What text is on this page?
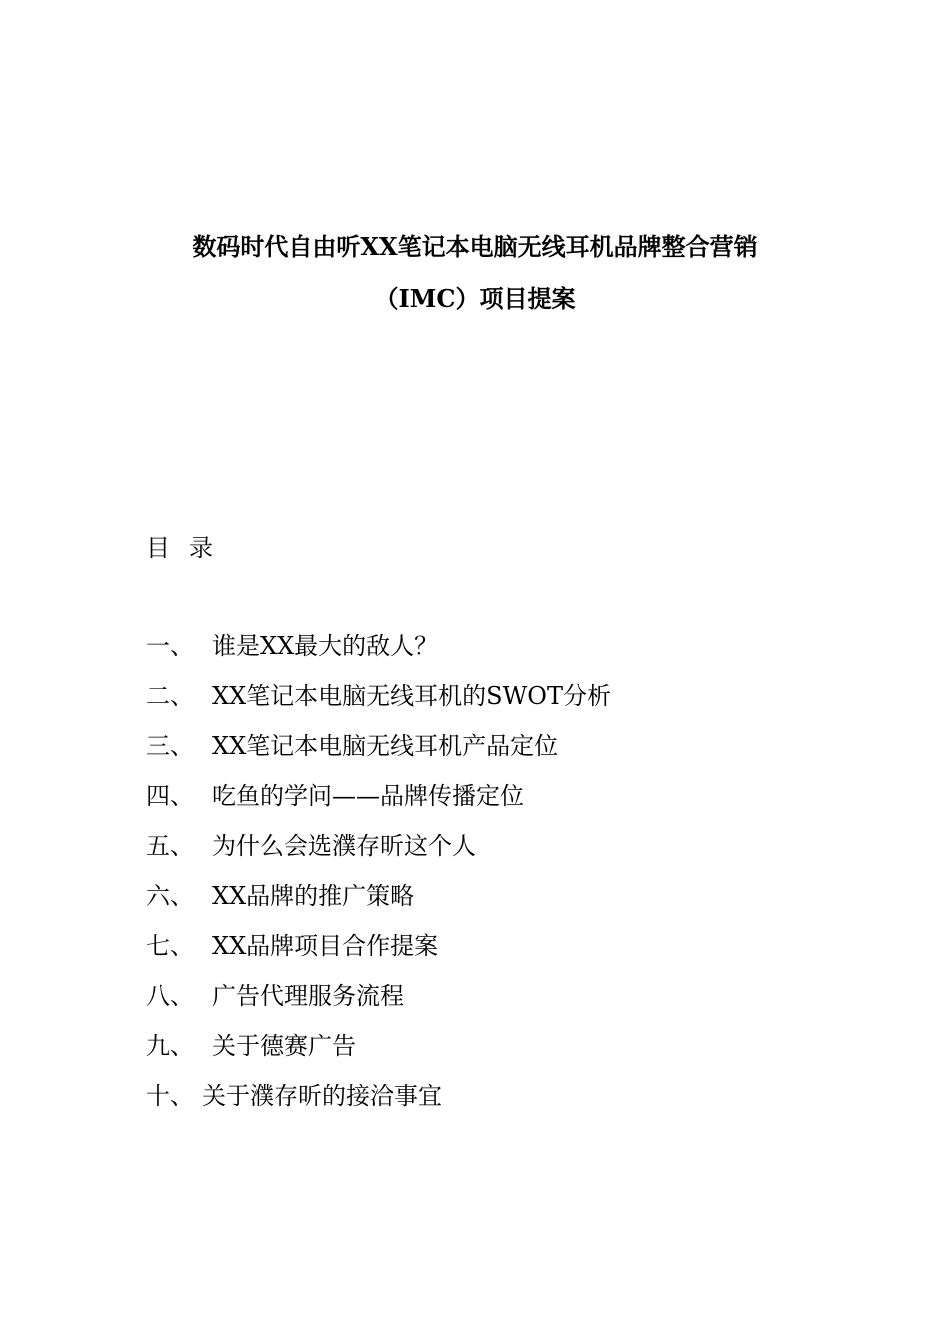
数码时代自由听XX笔记本电脑无线耳机品牌整合营销
（IMC）项目提案
目 录
一、 谁是XX最大的敌人？
二、 XX笔记本电脑无线耳机的SWOT分析
三、 XX笔记本电脑无线耳机产品定位
四、 吃鱼的学问——品牌传播定位
五、 为什么会选濮存昕这个人
六、 XX品牌的推广策略
七、 XX品牌项目合作提案
八、 广告代理服务流程
九、 关于德赛广告
十、 关于濮存昕的接洽事宜
